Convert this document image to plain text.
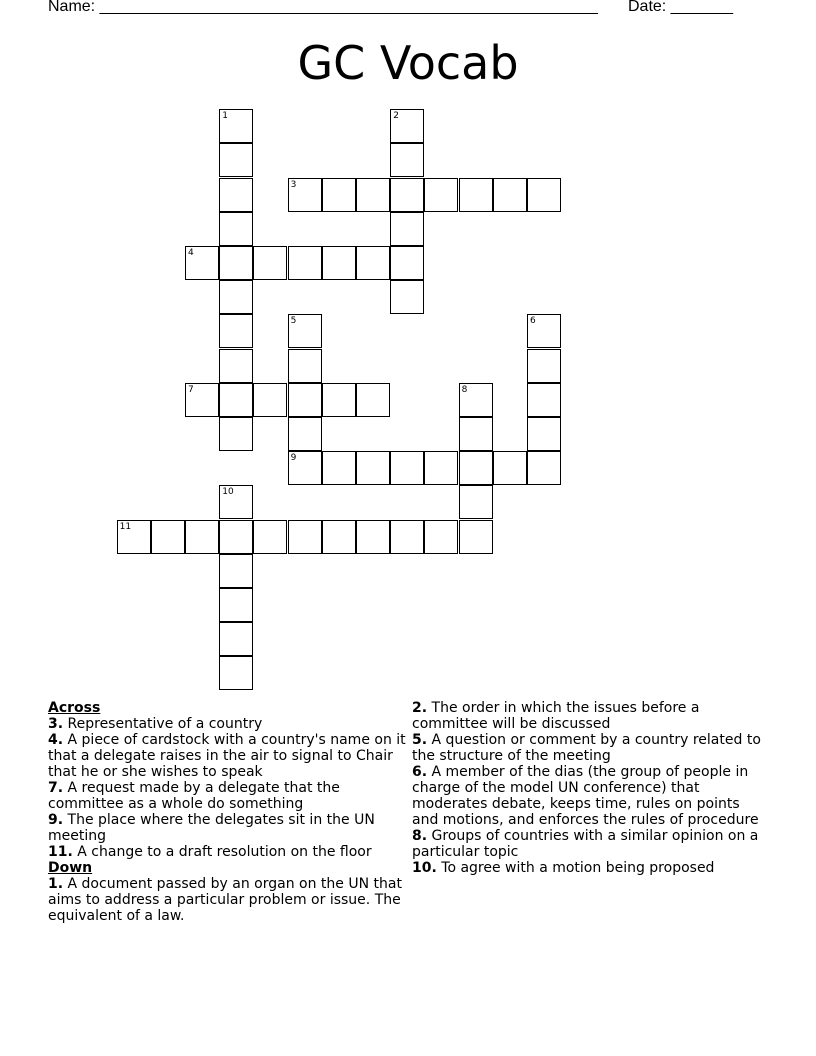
Name: ________________________________________________________ Date: _______
GC Vocab
1	2
3
4
5
9
6
7	8
10
11
Across
3. Representative of a country
4. A piece of cardstock with a country's name on it that a delegate raises in the air to signal to Chair that he or she wishes to speak
7. A request made by a delegate that the committee as a whole do something
9. The place where the delegates sit in the UN meeting
11. A change to a draft resolution on the floor
Down
1. A document passed by an organ on the UN that aims to address a particular problem or issue. The equivalent of a law.
2. The order in which the issues before a committee will be discussed
5. A question or comment by a country related to the structure of the meeting
6. A member of the dias (the group of people in charge of the model UN conference) that moderates debate, keeps time, rules on points and motions, and enforces the rules of procedure
8. Groups of countries with a similar opinion on a particular topic
10. To agree with a motion being proposed
